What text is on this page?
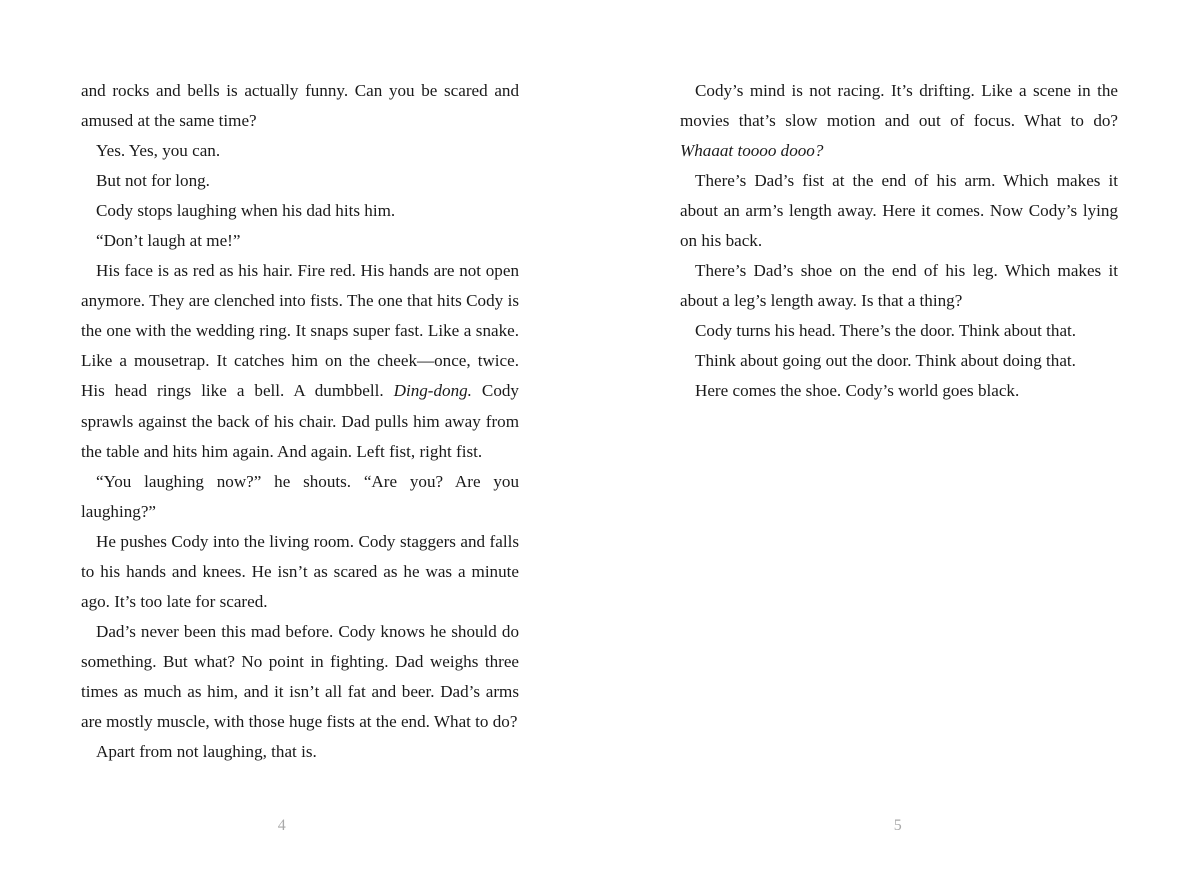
and rocks and bells is actually funny. Can you be scared and amused at the same time?

Yes. Yes, you can.

But not for long.

Cody stops laughing when his dad hits him.

“Don’t laugh at me!”

His face is as red as his hair. Fire red. His hands are not open anymore. They are clenched into fists. The one that hits Cody is the one with the wedding ring. It snaps super fast. Like a snake. Like a mousetrap. It catches him on the cheek—once, twice. His head rings like a bell. A dumbbell. Ding-dong. Cody sprawls against the back of his chair. Dad pulls him away from the table and hits him again. And again. Left fist, right fist.

“You laughing now?” he shouts. “Are you? Are you laughing?”

He pushes Cody into the living room. Cody staggers and falls to his hands and knees. He isn’t as scared as he was a minute ago. It’s too late for scared.

Dad’s never been this mad before. Cody knows he should do something. But what? No point in fighting. Dad weighs three times as much as him, and it isn’t all fat and beer. Dad’s arms are mostly muscle, with those huge fists at the end. What to do?

Apart from not laughing, that is.

4

Cody’s mind is not racing. It’s drifting. Like a scene in the movies that’s slow motion and out of focus. What to do? Whaaat toooo dooo?

There’s Dad’s fist at the end of his arm. Which makes it about an arm’s length away. Here it comes. Now Cody’s lying on his back.

There’s Dad’s shoe on the end of his leg. Which makes it about a leg’s length away. Is that a thing?

Cody turns his head. There’s the door. Think about that.

Think about going out the door. Think about doing that.

Here comes the shoe. Cody’s world goes black.

5
